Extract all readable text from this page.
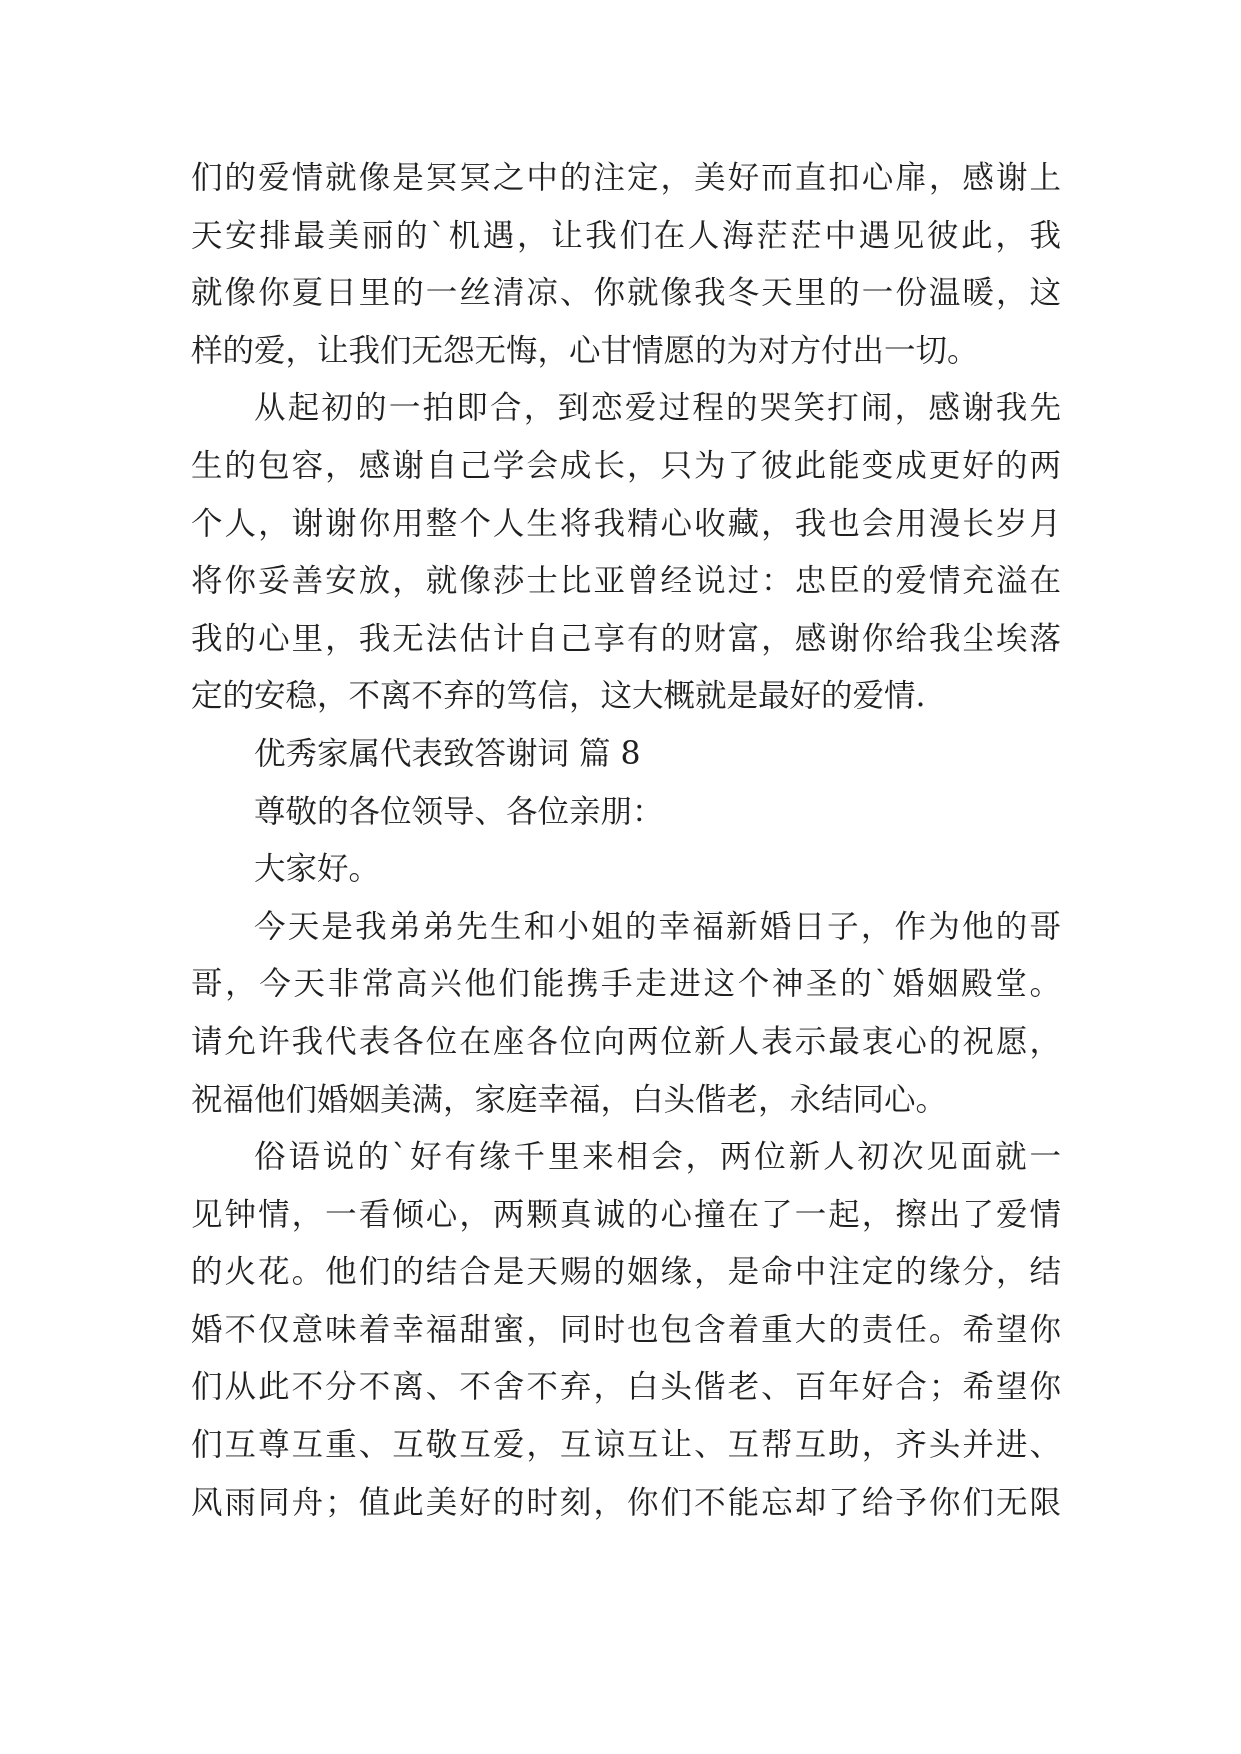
们的爱情就像是冥冥之中的注定，美好而直扣心扉，感谢上
天安排最美丽的`机遇，让我们在人海茫茫中遇见彼此，我
就像你夏日里的一丝清凉、你就像我冬天里的一份温暖，这
样的爱，让我们无怨无悔，心甘情愿的为对方付出一切。
从起初的一拍即合，到恋爱过程的哭笑打闹，感谢我先
生的包容，感谢自己学会成长，只为了彼此能变成更好的两
个人，谢谢你用整个人生将我精心收藏，我也会用漫长岁月
将你妥善安放，就像莎士比亚曾经说过：忠臣的爱情充溢在
我的心里，我无法估计自己享有的财富，感谢你给我尘埃落
定的安稳，不离不弃的笃信，这大概就是最好的爱情.
优秀家属代表致答谢词 篇 8
尊敬的各位领导、各位亲朋：
大家好。
今天是我弟弟先生和小姐的幸福新婚日子，作为他的哥
哥，今天非常高兴他们能携手走进这个神圣的`婚姻殿堂。
请允许我代表各位在座各位向两位新人表示最衷心的祝愿，
祝福他们婚姻美满，家庭幸福，白头偕老，永结同心。
俗语说的`好有缘千里来相会，两位新人初次见面就一
见钟情，一看倾心，两颗真诚的心撞在了一起，擦出了爱情
的火花。他们的结合是天赐的姻缘，是命中注定的缘分，结
婚不仅意味着幸福甜蜜，同时也包含着重大的责任。希望你
们从此不分不离、不舍不弃，白头偕老、百年好合；希望你
们互尊互重、互敬互爱，互谅互让、互帮互助，齐头并进、
风雨同舟；值此美好的时刻，你们不能忘却了给予你们无限
